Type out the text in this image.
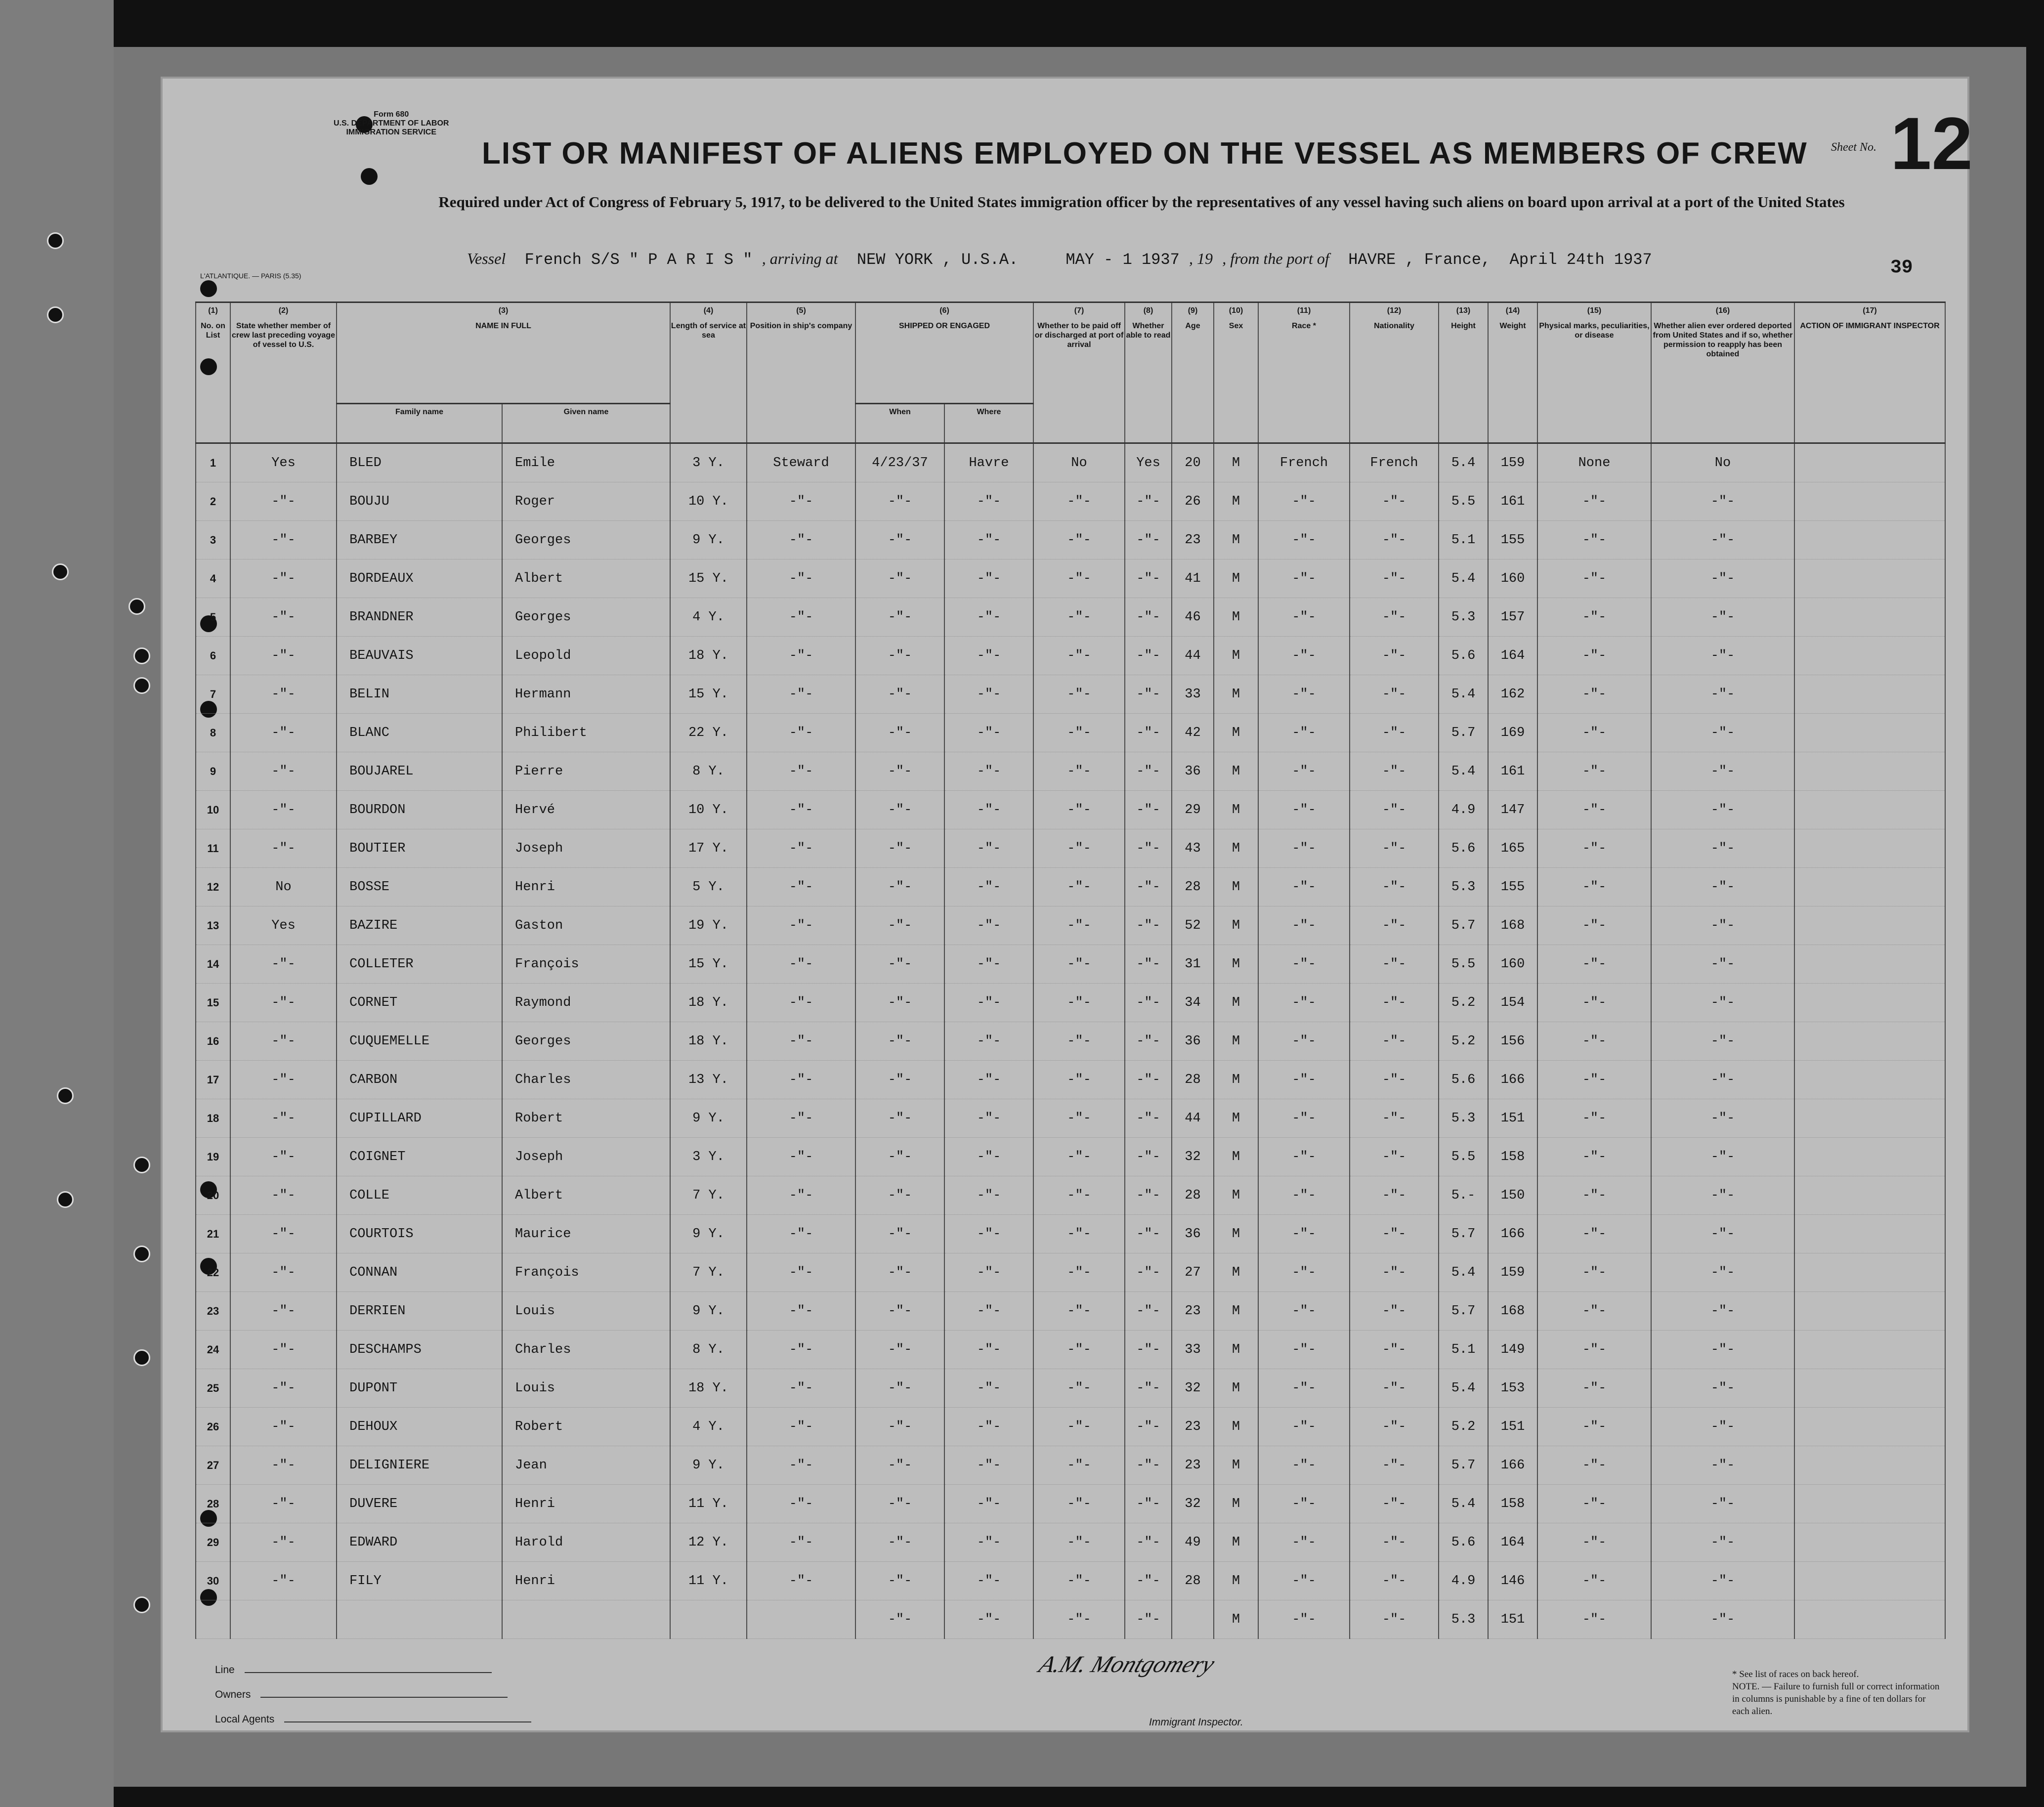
Form 680
U.S. DEPARTMENT OF LABOR
IMMIGRATION SERVICE
LIST OR MANIFEST OF ALIENS EMPLOYED ON THE VESSEL AS MEMBERS OF CREW Sheet No. 12
Required under Act of Congress of February 5, 1917, to be delivered to the United States immigration officer by the representatives of any vessel having such aliens on board upon arrival at a port of the United States
Vessel French S/S " P A R I S " , arriving at NEW YORK , U.S.A.	MAY - 1 1937 , 19 , from the port of HAVRE , France,  April 24th 1937
L'ATLANTIQUE. — PARIS (5.35)	39
(1)
No. on List	(2)
State whether member of crew last preceding voyage of vessel to U.S.	(3)
NAME IN FULL		(4)
Length of service at sea	(5)
Position in ship's company	(6)
SHIPPED OR ENGAGED		(7)
Whether to be paid off or discharged at port of arrival	(8)
Whether able to read	(9)
Age	(10)
Sex	(11)
Race *	(12)
Nationality	(13)
Height	(14)
Weight	(15)
Physical marks, peculiarities, or disease	(16)
Whether alien ever ordered deported from United States and if so, whether permission to reapply has been obtained	(17)
ACTION OF IMMIGRANT INSPECTOR
		Family name	Given name			When	Where											
1	Yes	BLED	Emile	3 Y.	Steward	4/23/37	Havre	No	Yes	20	M	French	French	5.4	159	None	No	
2	-"-	BOUJU	Roger	10 Y.	-"-	-"-	-"-	-"-	-"-	26	M	-"-	-"-	5.5	161	-"-	-"-	
3	-"-	BARBEY	Georges	9 Y.	-"-	-"-	-"-	-"-	-"-	23	M	-"-	-"-	5.1	155	-"-	-"-	
4	-"-	BORDEAUX	Albert	15 Y.	-"-	-"-	-"-	-"-	-"-	41	M	-"-	-"-	5.4	160	-"-	-"-	
5	-"-	BRANDNER	Georges	4 Y.	-"-	-"-	-"-	-"-	-"-	46	M	-"-	-"-	5.3	157	-"-	-"-	
6	-"-	BEAUVAIS	Leopold	18 Y.	-"-	-"-	-"-	-"-	-"-	44	M	-"-	-"-	5.6	164	-"-	-"-	
7	-"-	BELIN	Hermann	15 Y.	-"-	-"-	-"-	-"-	-"-	33	M	-"-	-"-	5.4	162	-"-	-"-	
8	-"-	BLANC	Philibert	22 Y.	-"-	-"-	-"-	-"-	-"-	42	M	-"-	-"-	5.7	169	-"-	-"-	
9	-"-	BOUJAREL	Pierre	8 Y.	-"-	-"-	-"-	-"-	-"-	36	M	-"-	-"-	5.4	161	-"-	-"-	
10	-"-	BOURDON	Hervé	10 Y.	-"-	-"-	-"-	-"-	-"-	29	M	-"-	-"-	4.9	147	-"-	-"-	
11	-"-	BOUTIER	Joseph	17 Y.	-"-	-"-	-"-	-"-	-"-	43	M	-"-	-"-	5.6	165	-"-	-"-	
12	No	BOSSE	Henri	5 Y.	-"-	-"-	-"-	-"-	-"-	28	M	-"-	-"-	5.3	155	-"-	-"-	
13	Yes	BAZIRE	Gaston	19 Y.	-"-	-"-	-"-	-"-	-"-	52	M	-"-	-"-	5.7	168	-"-	-"-	
14	-"-	COLLETER	François	15 Y.	-"-	-"-	-"-	-"-	-"-	31	M	-"-	-"-	5.5	160	-"-	-"-	
15	-"-	CORNET	Raymond	18 Y.	-"-	-"-	-"-	-"-	-"-	34	M	-"-	-"-	5.2	154	-"-	-"-	
16	-"-	CUQUEMELLE	Georges	18 Y.	-"-	-"-	-"-	-"-	-"-	36	M	-"-	-"-	5.2	156	-"-	-"-	
17	-"-	CARBON	Charles	13 Y.	-"-	-"-	-"-	-"-	-"-	28	M	-"-	-"-	5.6	166	-"-	-"-	
18	-"-	CUPILLARD	Robert	9 Y.	-"-	-"-	-"-	-"-	-"-	44	M	-"-	-"-	5.3	151	-"-	-"-	
19	-"-	COIGNET	Joseph	3 Y.	-"-	-"-	-"-	-"-	-"-	32	M	-"-	-"-	5.5	158	-"-	-"-	
20	-"-	COLLE	Albert	7 Y.	-"-	-"-	-"-	-"-	-"-	28	M	-"-	-"-	5.-	150	-"-	-"-	
21	-"-	COURTOIS	Maurice	9 Y.	-"-	-"-	-"-	-"-	-"-	36	M	-"-	-"-	5.7	166	-"-	-"-	
22	-"-	CONNAN	François	7 Y.	-"-	-"-	-"-	-"-	-"-	27	M	-"-	-"-	5.4	159	-"-	-"-	
23	-"-	DERRIEN	Louis	9 Y.	-"-	-"-	-"-	-"-	-"-	23	M	-"-	-"-	5.7	168	-"-	-"-	
24	-"-	DESCHAMPS	Charles	8 Y.	-"-	-"-	-"-	-"-	-"-	33	M	-"-	-"-	5.1	149	-"-	-"-	
25	-"-	DUPONT	Louis	18 Y.	-"-	-"-	-"-	-"-	-"-	32	M	-"-	-"-	5.4	153	-"-	-"-	
26	-"-	DEHOUX	Robert	4 Y.	-"-	-"-	-"-	-"-	-"-	23	M	-"-	-"-	5.2	151	-"-	-"-	
27	-"-	DELIGNIERE	Jean	9 Y.	-"-	-"-	-"-	-"-	-"-	23	M	-"-	-"-	5.7	166	-"-	-"-	
28	-"-	DUVERE	Henri	11 Y.	-"-	-"-	-"-	-"-	-"-	32	M	-"-	-"-	5.4	158	-"-	-"-	
29	-"-	EDWARD	Harold	12 Y.	-"-	-"-	-"-	-"-	-"-	49	M	-"-	-"-	5.6	164	-"-	-"-	
30	-"-	FILY	Henri	11 Y.	-"-	-"-	-"-	-"-	-"-	28	M	-"-	-"-	4.9	146	-"-	-"-	
						-"-	-"-	-"-	-"-		M	-"-	-"-	5.3	151	-"-	-"-	
Line
Owners
Local Agents
A.M. Montgomery
Immigrant Inspector.
* See list of races on back hereof.
NOTE. — Failure to furnish full or correct information in columns is punishable by a fine of ten dollars for each alien.
